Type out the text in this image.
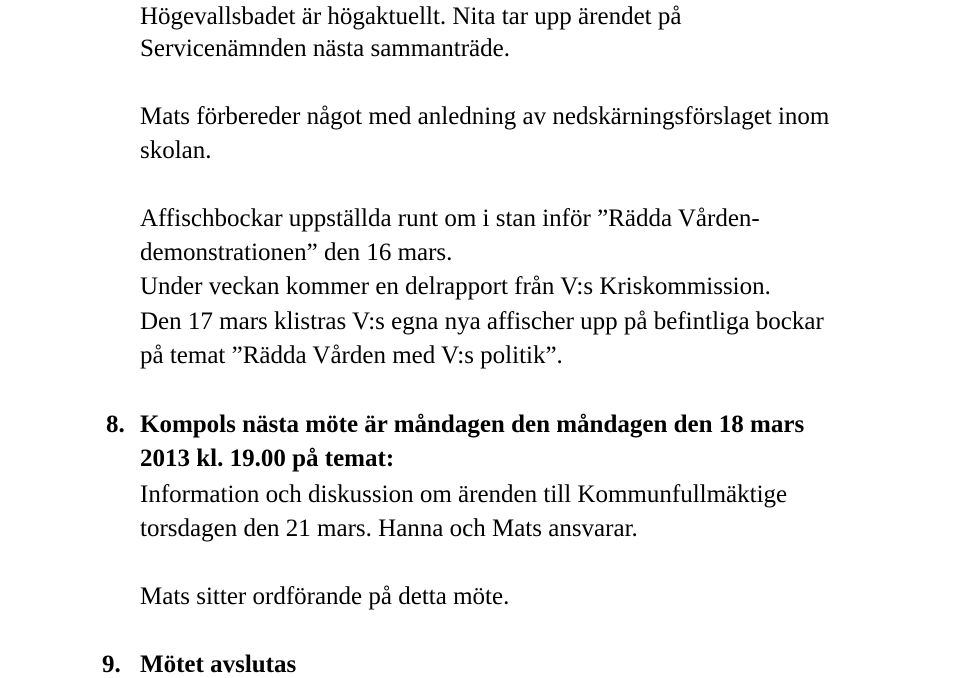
Högevallsbadet är högaktuellt. Nita tar upp ärendet på
Servicenämnden nästa sammanträde.
Mats förbereder något med anledning av nedskärningsförslaget inom
skolan.
Affischbockar uppställda runt om i stan inför ”Rädda Vården-
demonstrationen” den 16 mars.
Under veckan kommer en delrapport från V:s Kriskommission.
Den 17 mars klistras V:s egna nya affischer upp på befintliga bockar
på temat ”Rädda Vården med V:s politik”.
8. Kompols nästa möte är måndagen den måndagen den 18 mars
2013 kl. 19.00 på temat:
Information och diskussion om ärenden till Kommunfullmäktige
torsdagen den 21 mars. Hanna och Mats ansvarar.
Mats sitter ordförande på detta möte.
9. Mötet avslutas
